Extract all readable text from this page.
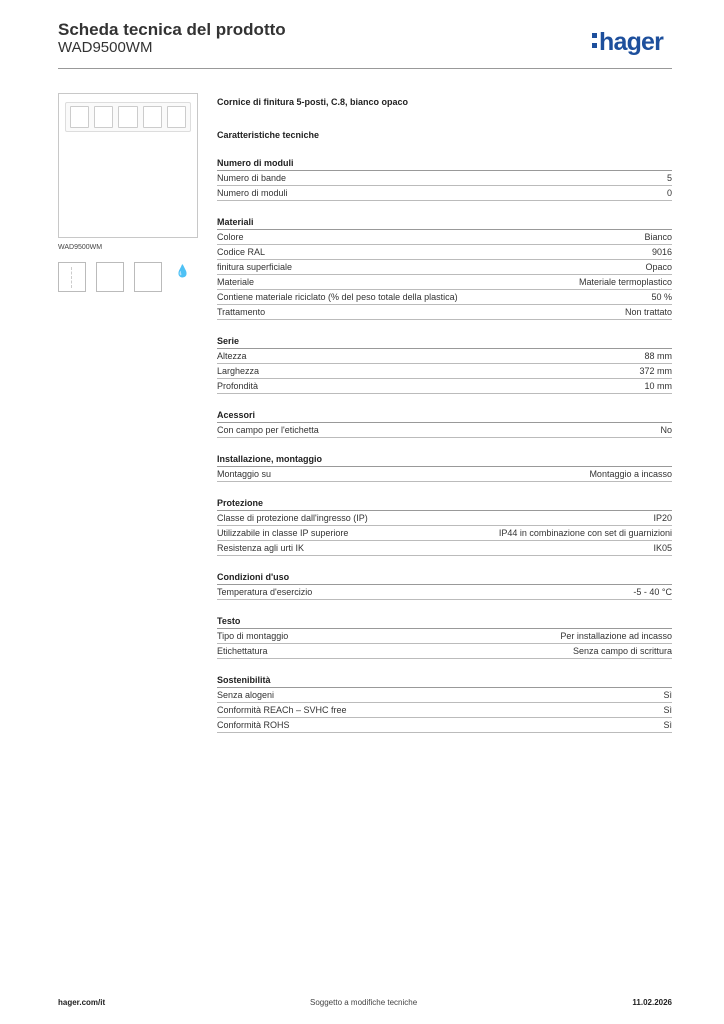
Scheda tecnica del prodotto
WAD9500WM	hager
WAD9500WM
💧
Cornice di finitura 5-posti, C.8, bianco opaco
Caratteristiche tecniche
Numero di moduli
Numero di bande	5
Numero di moduli	0
Materiali
Colore	Bianco
Codice RAL	9016
finitura superficiale	Opaco
Materiale	Materiale termoplastico
Contiene materiale riciclato (% del peso totale della plastica)	50 %
Trattamento	Non trattato
Serie
Altezza	88 mm
Larghezza	372 mm
Profondità	10 mm
Acessori
Con campo per l'etichetta	No
Installazione, montaggio
Montaggio su	Montaggio a incasso
Protezione
Classe di protezione dall'ingresso (IP)	IP20
Utilizzabile in classe IP superiore	IP44 in combinazione con set di guarnizioni
Resistenza agli urti IK	IK05
Condizioni d'uso
Temperatura d'esercizio	-5 - 40 °C
Testo
Tipo di montaggio	Per installazione ad incasso
Etichettatura	Senza campo di scrittura
Sostenibilità
Senza alogeni	Sì
Conformità REACh – SVHC free	Sì
Conformità ROHS	Sì
hager.com/it	Soggetto a modifiche tecniche	11.02.2026
